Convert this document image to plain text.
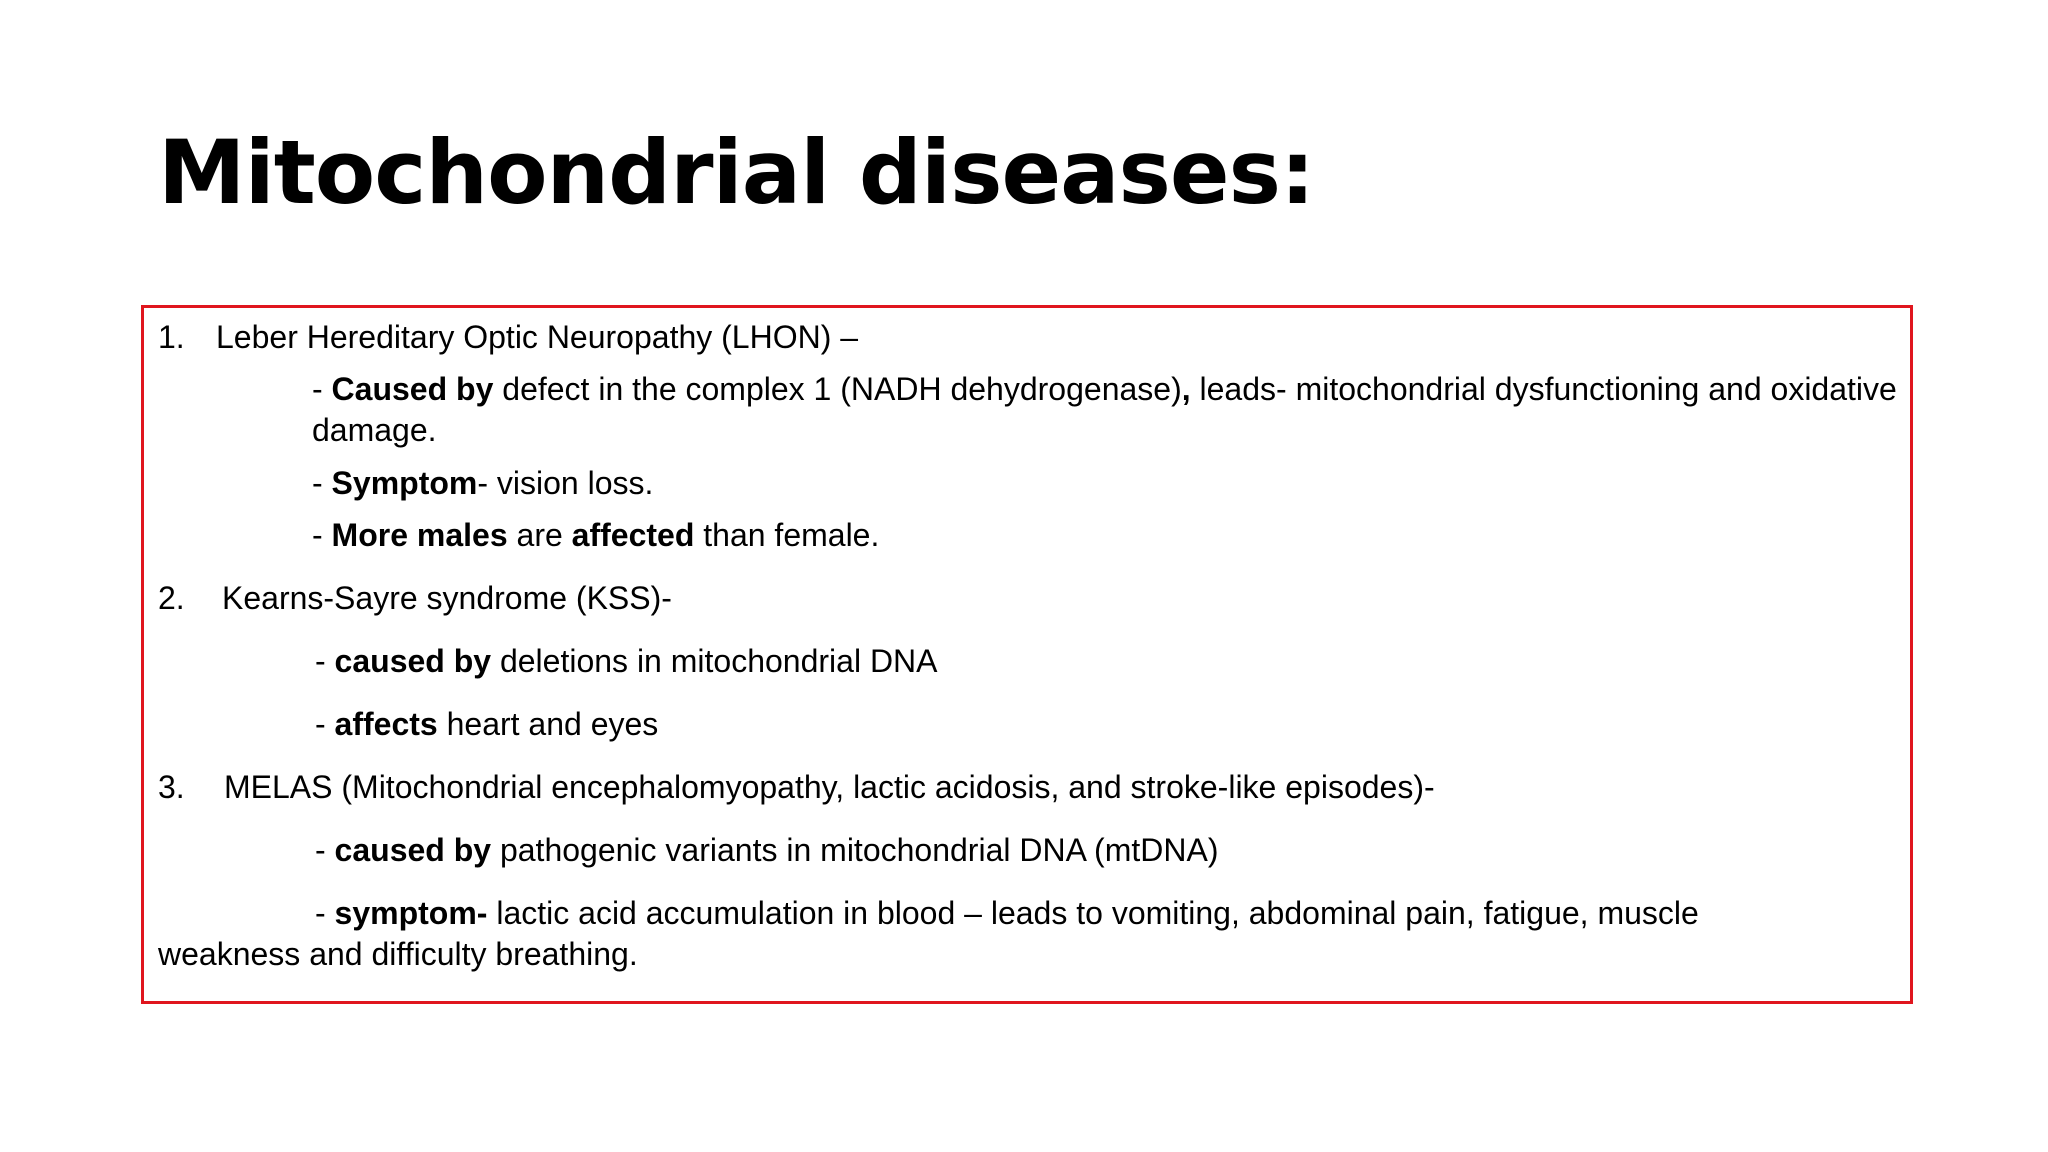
Mitochondrial diseases:
1. Leber Hereditary Optic Neuropathy (LHON) –
- Caused by defect in the complex 1 (NADH dehydrogenase), leads- mitochondrial dysfunctioning and oxidative damage.
- Symptom- vision loss.
- More males are affected than female.
2. Kearns-Sayre syndrome (KSS)-
- caused by deletions in mitochondrial DNA
- affects heart and eyes
3. MELAS (Mitochondrial encephalomyopathy, lactic acidosis, and stroke-like episodes)-
- caused by pathogenic variants in mitochondrial DNA (mtDNA)
- symptom- lactic acid accumulation in blood – leads to vomiting, abdominal pain, fatigue, muscle
weakness and difficulty breathing.
